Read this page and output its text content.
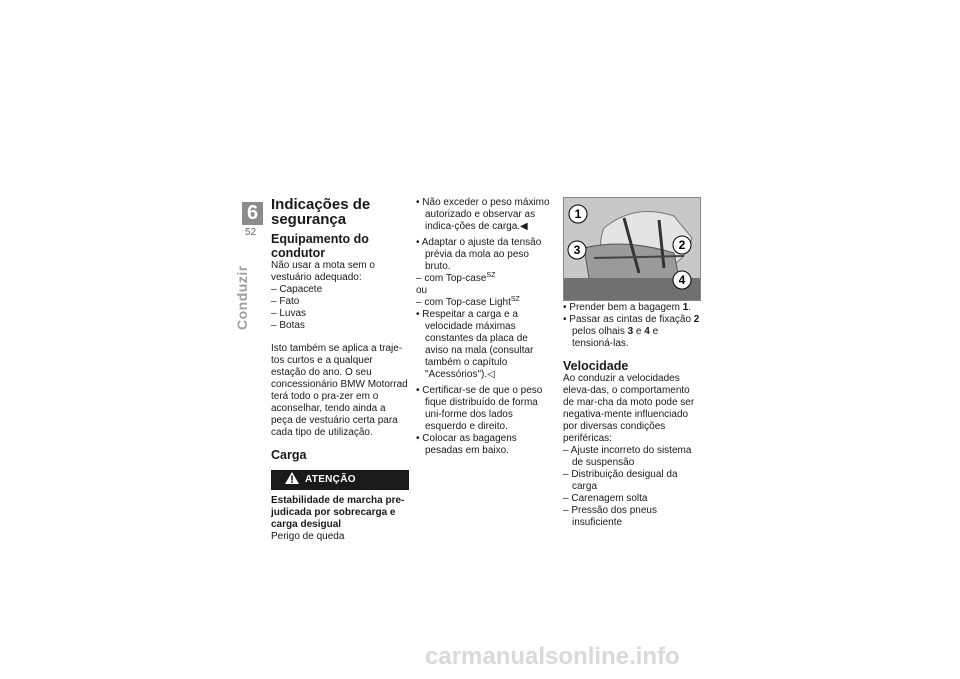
6
52
Conduzir
Indicações de segurança
Equipamento do condutor

Não usar a mota sem o vestuário adequado:

– Capacete

– Fato

– Luvas

– Botas

Isto também se aplica a traje-tos curtos e a qualquer estação do ano. O seu concessionário BMW Motorrad terá todo o pra-zer em o aconselhar, tendo ainda a peça de vestuário certa para cada tipo de utilização.

Carga
ATENÇÃO

Estabilidade de marcha pre-judicada por sobrecarga e carga desigual

Perigo de queda

• Não exceder o peso máximo autorizado e observar as indica-ções de carga.◀

• Adaptar o ajuste da tensão prévia da mola ao peso bruto.

– com Top-case$^{SZ}$

ou

– com Top-case Light$^{SZ}$

• Respeitar a carga e a velocidade máximas constantes da placa de aviso na mala (consultar também o capítulo "Acessórios").◁

• Certificar-se de que o peso fique distribuído de forma uni-forme dos lados esquerdo e direito.

• Colocar as bagagens pesadas em baixo.

1
2
3
4

• Prender bem a bagagem 1.

• Passar as cintas de fixação 2 pelos olhais 3 e 4 e tensioná-las.

Velocidade

Ao conduzir a velocidades eleva-das, o comportamento de mar-cha da moto pode ser negativa-mente influenciado por diversas condições periféricas:

– Ajuste incorreto do sistema de suspensão

– Distribuição desigual da carga

– Carenagem solta

– Pressão dos pneus insuficiente

carmanualsonline.info
